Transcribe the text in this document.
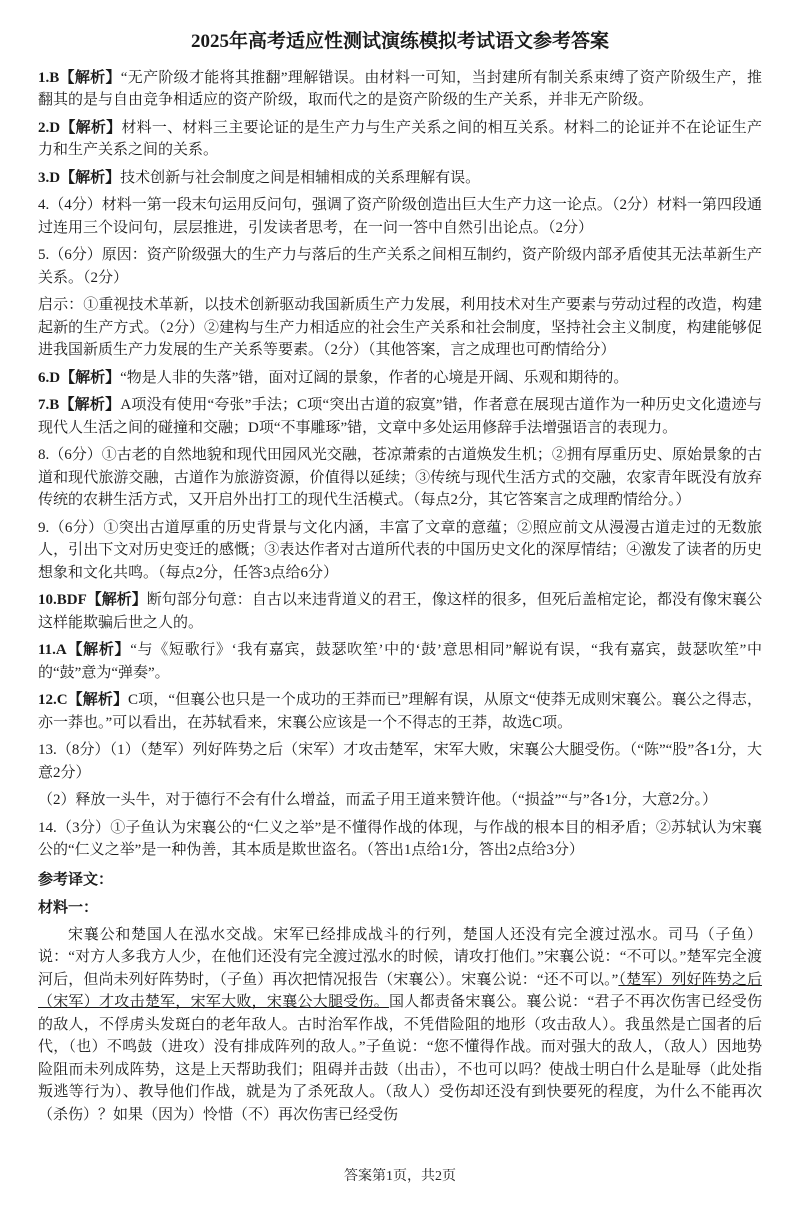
2025年高考适应性测试演练模拟考试语文参考答案

1.B【解析】“无产阶级才能将其推翻”理解错误。由材料一可知，当封建所有制关系束缚了资产阶级生产，推翻其的是与自由竞争相适应的资产阶级，取而代之的是资产阶级的生产关系，并非无产阶级。

2.D【解析】材料一、材料三主要论证的是生产力与生产关系之间的相互关系。材料二的论证并不在论证生产力和生产关系之间的关系。

3.D【解析】技术创新与社会制度之间是相辅相成的关系理解有误。

4.（4分）材料一第一段末句运用反问句，强调了资产阶级创造出巨大生产力这一论点。（2分）材料一第四段通过连用三个设问句，层层推进，引发读者思考，在一问一答中自然引出论点。（2分）

5.（6分）原因：资产阶级强大的生产力与落后的生产关系之间相互制约，资产阶级内部矛盾使其无法革新生产关系。（2分）

启示：①重视技术革新，以技术创新驱动我国新质生产力发展，利用技术对生产要素与劳动过程的改造，构建起新的生产方式。（2分）②建构与生产力相适应的社会生产关系和社会制度，坚持社会主义制度，构建能够促进我国新质生产力发展的生产关系等要素。（2分）（其他答案，言之成理也可酌情给分）

6.D【解析】“物是人非的失落”错，面对辽阔的景象，作者的心境是开阔、乐观和期待的。

7.B【解析】A项没有使用“夸张”手法；C项“突出古道的寂寞”错，作者意在展现古道作为一种历史文化遗迹与现代人生活之间的碰撞和交融；D项“不事雕琢”错，文章中多处运用修辞手法增强语言的表现力。

8.（6分）①古老的自然地貌和现代田园风光交融，苍凉萧索的古道焕发生机；②拥有厚重历史、原始景象的古道和现代旅游交融，古道作为旅游资源，价值得以延续；③传统与现代生活方式的交融，农家青年既没有放弃传统的农耕生活方式，又开启外出打工的现代生活模式。（每点2分，其它答案言之成理酌情给分。）

9.（6分）①突出古道厚重的历史背景与文化内涵，丰富了文章的意蕴；②照应前文从漫漫古道走过的无数旅人，引出下文对历史变迁的感慨；③表达作者对古道所代表的中国历史文化的深厚情结；④激发了读者的历史想象和文化共鸣。（每点2分，任答3点给6分）

10.BDF【解析】断句部分句意：自古以来违背道义的君王，像这样的很多，但死后盖棺定论，都没有像宋襄公这样能欺骗后世之人的。

11.A【解析】“与《短歌行》‘我有嘉宾，鼓瑟吹笙’中的‘鼓’意思相同”解说有误，“我有嘉宾，鼓瑟吹笙”中的“鼓”意为“弹奏”。

12.C【解析】C项，“但襄公也只是一个成功的王莽而已”理解有误，从原文“使莽无成则宋襄公。襄公之得志，亦一莽也。”可以看出，在苏轼看来，宋襄公应该是一个不得志的王莽，故选C项。

13.（8分）（1）（楚军）列好阵势之后（宋军）才攻击楚军，宋军大败，宋襄公大腿受伤。（“陈”“股”各1分，大意2分）

（2）释放一头牛，对于德行不会有什么增益，而孟子用王道来赞许他。（“损益”“与”各1分，大意2分。）

14.（3分）①子鱼认为宋襄公的“仁义之举”是不懂得作战的体现，与作战的根本目的相矛盾；②苏轼认为宋襄公的“仁义之举”是一种伪善，其本质是欺世盗名。（答出1点给1分，答出2点给3分）

参考译文：

材料一：

宋襄公和楚国人在泓水交战。宋军已经排成战斗的行列，楚国人还没有完全渡过泓水。司马（子鱼）说：“对方人多我方人少，在他们还没有完全渡过泓水的时候，请攻打他们。”宋襄公说：“不可以。”楚军完全渡河后，但尚未列好阵势时，（子鱼）再次把情况报告（宋襄公）。宋襄公说：“还不可以。”（楚军）列好阵势之后（宋军）才攻击楚军，宋军大败，宋襄公大腿受伤。国人都责备宋襄公。襄公说：“君子不再次伤害已经受伤的敌人，不俘虏头发斑白的老年敌人。古时治军作战，不凭借险阻的地形（攻击敌人）。我虽然是亡国者的后代，（也）不鸣鼓（进攻）没有排成阵列的敌人。”子鱼说：“您不懂得作战。而对强大的敌人，（敌人）因地势险阻而未列成阵势，这是上天帮助我们；阻碍并击鼓（出击），不也可以吗？使战士明白什么是耻辱（此处指叛逃等行为）、教导他们作战，就是为了杀死敌人。（敌人）受伤却还没有到快要死的程度，为什么不能再次（杀伤）？如果（因为）怜惜（不）再次伤害已经受伤

答案第1页，共2页
